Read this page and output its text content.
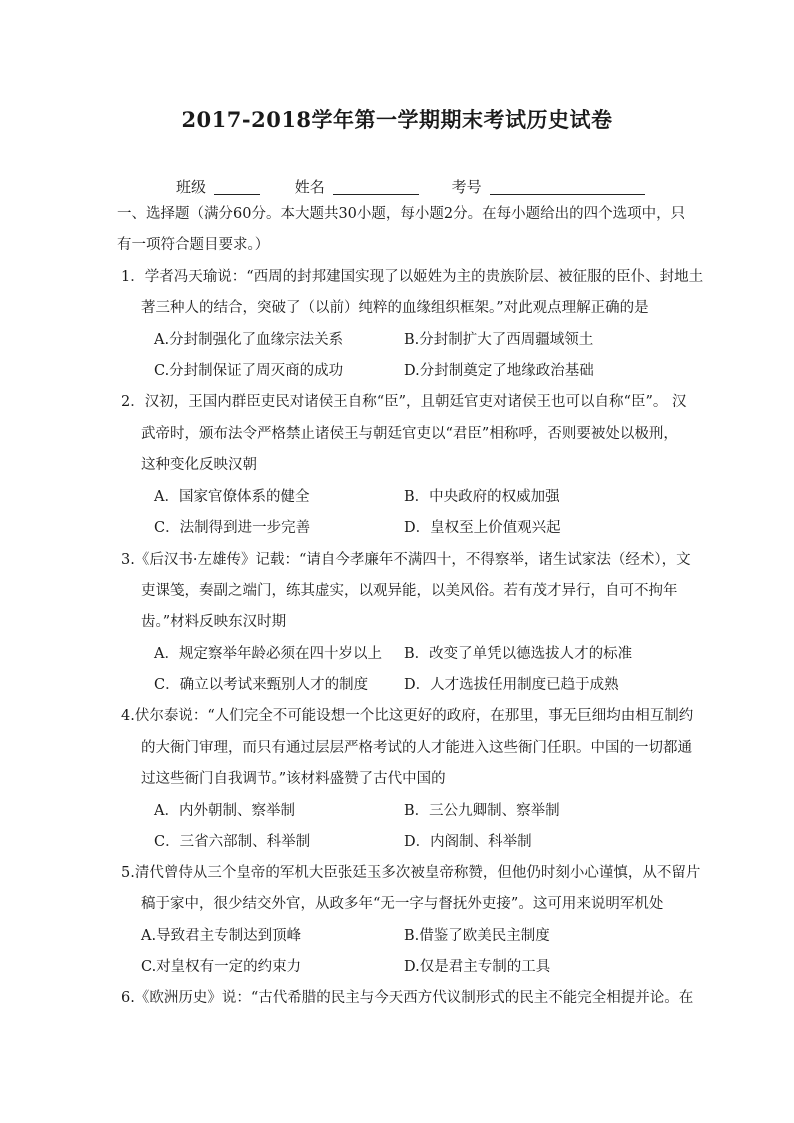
2017-2018学年第一学期期末考试历史试卷
班级	姓名	考号
一、选择题（满分60分。本大题共30小题，每小题2分。在每小题给出的四个选项中，只
有一项符合题目要求。）
1．学者冯天瑜说：“西周的封邦建国实现了以姬姓为主的贵族阶层、被征服的臣仆、封地土
著三种人的结合，突破了（以前）纯粹的血缘组织框架。”对此观点理解正确的是
A.分封制强化了血缘宗法关系	B.分封制扩大了西周疆域领土
C.分封制保证了周灭商的成功	D.分封制奠定了地缘政治基础
2．汉初，王国内群臣吏民对诸侯王自称“臣”，且朝廷官吏对诸侯王也可以自称“臣”。 汉
武帝时，颁布法令严格禁止诸侯王与朝廷官吏以“君臣”相称呼，否则要被处以极刑，
这种变化反映汉朝
A．国家官僚体系的健全	B．中央政府的权威加强
C．法制得到进一步完善	D．皇权至上价值观兴起
3.《后汉书·左雄传》记载：“请自今孝廉年不满四十，不得察举，诸生试家法（经术），文
吏课笺，奏副之端门，练其虚实，以观异能，以美风俗。若有茂才异行，自可不拘年
齿。”材料反映东汉时期
A．规定察举年龄必须在四十岁以上 B．改变了单凭以德选拔人才的标准
C．确立以考试来甄别人才的制度 D．人才选拔任用制度已趋于成熟
4.伏尔泰说：“人们完全不可能设想一个比这更好的政府，在那里，事无巨细均由相互制约
的大衙门审理，而只有通过层层严格考试的人才能进入这些衙门任职。中国的一切都通
过这些衙门自我调节。”该材料盛赞了古代中国的
A．内外朝制、察举制	B．三公九卿制、察举制
C．三省六部制、科举制	D．内阁制、科举制
5.清代曾侍从三个皇帝的军机大臣张廷玉多次被皇帝称赞，但他仍时刻小心谨慎，从不留片
稿于家中，很少结交外官，从政多年“无一字与督抚外吏接”。这可用来说明军机处
A.导致君主专制达到顶峰	B.借鉴了欧美民主制度
C.对皇权有一定的约束力	D.仅是君主专制的工具
6.《欧洲历史》说：“古代希腊的民主与今天西方代议制形式的民主不能完全相提并论。在
